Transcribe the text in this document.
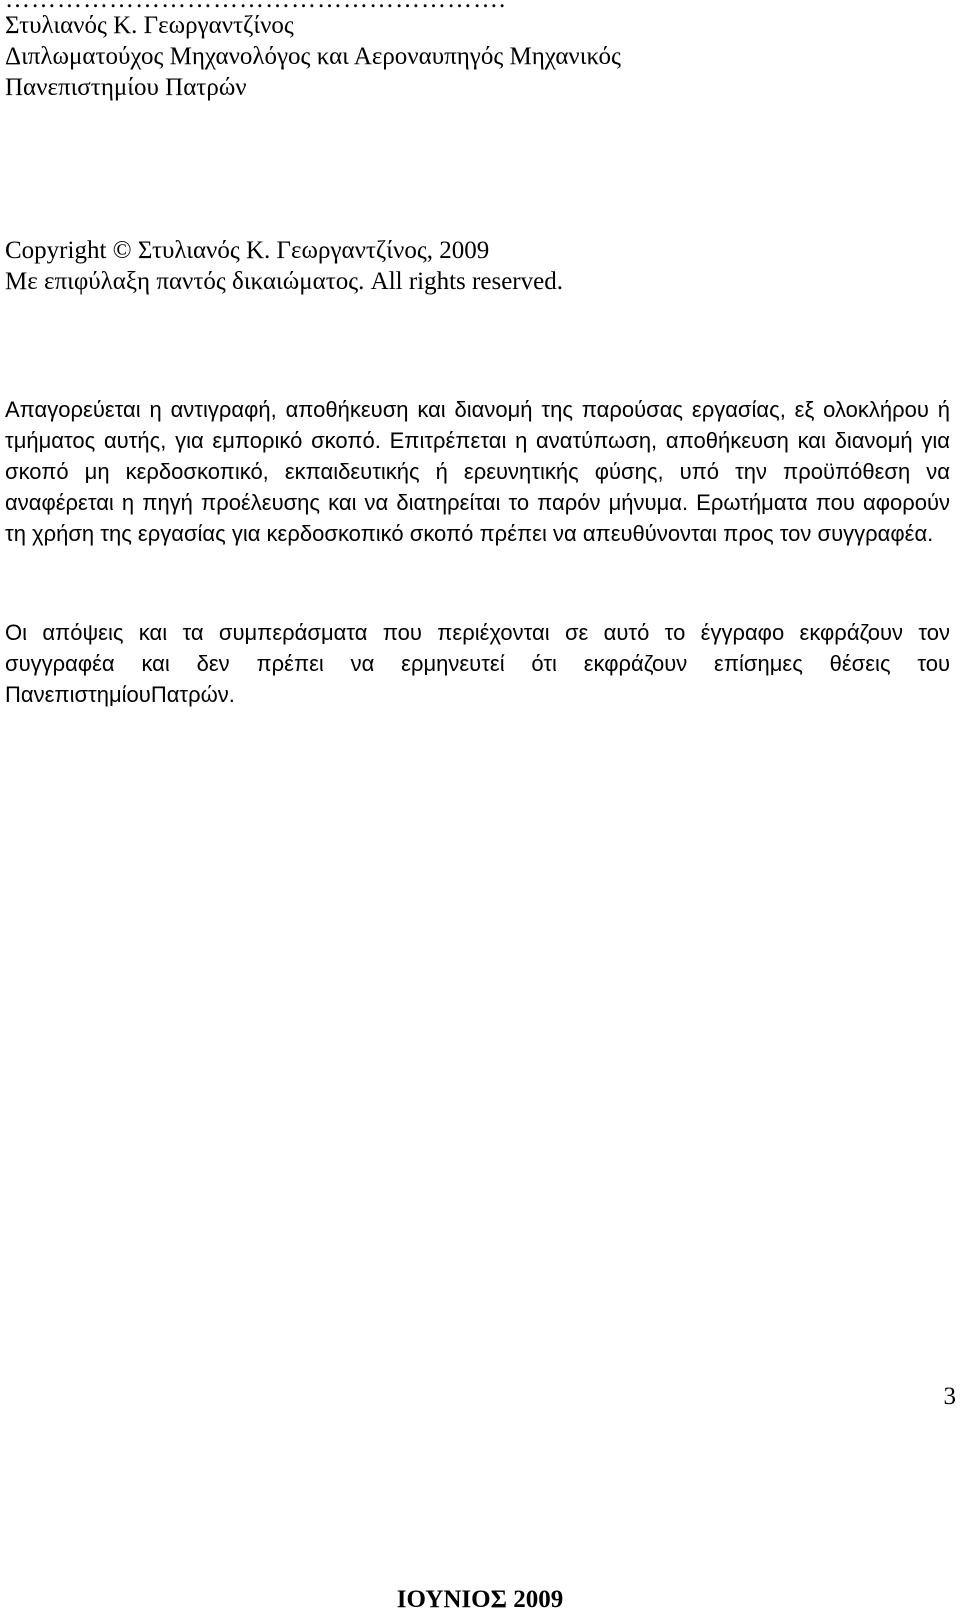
Στυλιανός Κ. Γεωργαντζίνος
Διπλωματούχος Μηχανολόγος και Αεροναυπηγός Μηχανικός
Πανεπιστημίου Πατρών
Copyright © Στυλιανός Κ. Γεωργαντζίνος, 2009
Με επιφύλαξη παντός δικαιώματος. All rights reserved.

Απαγορεύεται η αντιγραφή, αποθήκευση και διανομή της παρούσας εργασίας, εξ ολοκλήρου ή τμήματος αυτής, για εμπορικό σκοπό. Επιτρέπεται η ανατύπωση, αποθήκευση και διανομή για σκοπό μη κερδοσκοπικό, εκπαιδευτικής ή ερευνητικής φύσης, υπό την προϋπόθεση να αναφέρεται η πηγή προέλευσης και να διατηρείται το παρόν μήνυμα. Ερωτήματα που αφορούν τη χρήση της εργασίας για κερδοσκοπικό σκοπό πρέπει να απευθύνονται προς τον συγγραφέα.

Οι απόψεις και τα συμπεράσματα που περιέχονται σε αυτό το έγγραφο εκφράζουν τον συγγραφέα και δεν πρέπει να ερμηνευτεί ότι εκφράζουν επίσημες θέσεις του ΠανεπιστημίουΠατρών.

ΙΟΥΝΙΟΣ 2009
3
